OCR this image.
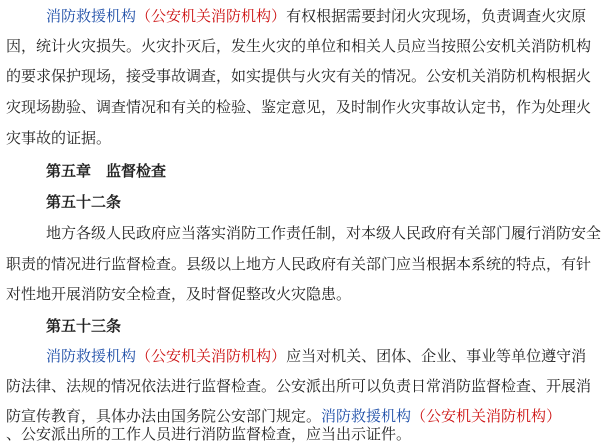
消防救援机构（公安机关消防机构）有权根据需要封闭火灾现场，负责调查火灾原
因，统计火灾损失。火灾扑灭后，发生火灾的单位和相关人员应当按照公安机关消防机构
的要求保护现场，接受事故调查，如实提供与火灾有关的情况。公安机关消防机构根据火
灾现场勘验、调查情况和有关的检验、鉴定意见，及时制作火灾事故认定书，作为处理火
灾事故的证据。
第五章　监督检查
第五十二条
地方各级人民政府应当落实消防工作责任制，对本级人民政府有关部门履行消防安全
职责的情况进行监督检查。县级以上地方人民政府有关部门应当根据本系统的特点，有针
对性地开展消防安全检查，及时督促整改火灾隐患。
第五十三条
消防救援机构（公安机关消防机构）应当对机关、团体、企业、事业等单位遵守消
防法律、法规的情况依法进行监督检查。公安派出所可以负责日常消防监督检查、开展消
防宣传教育，具体办法由国务院公安部门规定。消防救援机构（公安机关消防机构）
、公安派出所的工作人员进行消防监督检查，应当出示证件。
